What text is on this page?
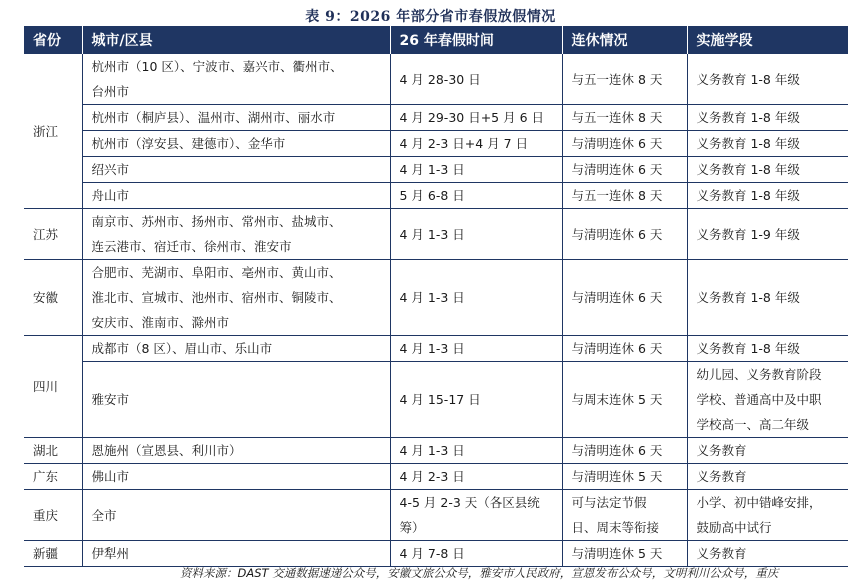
表 9：2026 年部分省市春假放假情况
省份	城市/区县	26 年春假时间	连休情况	实施学段
浙江	杭州市（10 区）、宁波市、嘉兴市、衢州市、
台州市	4 月 28-30 日	与五一连休 8 天	义务教育 1-8 年级
	杭州市（桐庐县）、温州市、湖州市、丽水市	4 月 29-30 日+5 月 6 日	与五一连休 8 天	义务教育 1-8 年级
	杭州市（淳安县、建德市）、金华市	4 月 2-3 日+4 月 7 日	与清明连休 6 天	义务教育 1-8 年级
	绍兴市	4 月 1-3 日	与清明连休 6 天	义务教育 1-8 年级
	舟山市	5 月 6-8 日	与五一连休 8 天	义务教育 1-8 年级
江苏	南京市、苏州市、扬州市、常州市、盐城市、
连云港市、宿迁市、徐州市、淮安市	4 月 1-3 日	与清明连休 6 天	义务教育 1-9 年级
安徽	合肥市、芜湖市、阜阳市、亳州市、黄山市、
淮北市、宣城市、池州市、宿州市、铜陵市、
安庆市、淮南市、滁州市	4 月 1-3 日	与清明连休 6 天	义务教育 1-8 年级
四川	成都市（8 区）、眉山市、乐山市	4 月 1-3 日	与清明连休 6 天	义务教育 1-8 年级
	雅安市	4 月 15-17 日	与周末连休 5 天	幼儿园、义务教育阶段
学校、普通高中及中职
学校高一、高二年级
湖北	恩施州（宣恩县、利川市）	4 月 1-3 日	与清明连休 6 天	义务教育
广东	佛山市	4 月 2-3 日	与清明连休 5 天	义务教育
重庆	全市	4-5 月 2-3 天（各区县统
筹）	可与法定节假
日、周末等衔接	小学、初中错峰安排，
鼓励高中试行
新疆	伊犁州	4 月 7-8 日	与清明连休 5 天	义务教育
资料来源：DAST 交通数据速递公众号，安徽文旅公众号，雅安市人民政府，宣恩发布公众号，文明利川公众号，重庆
